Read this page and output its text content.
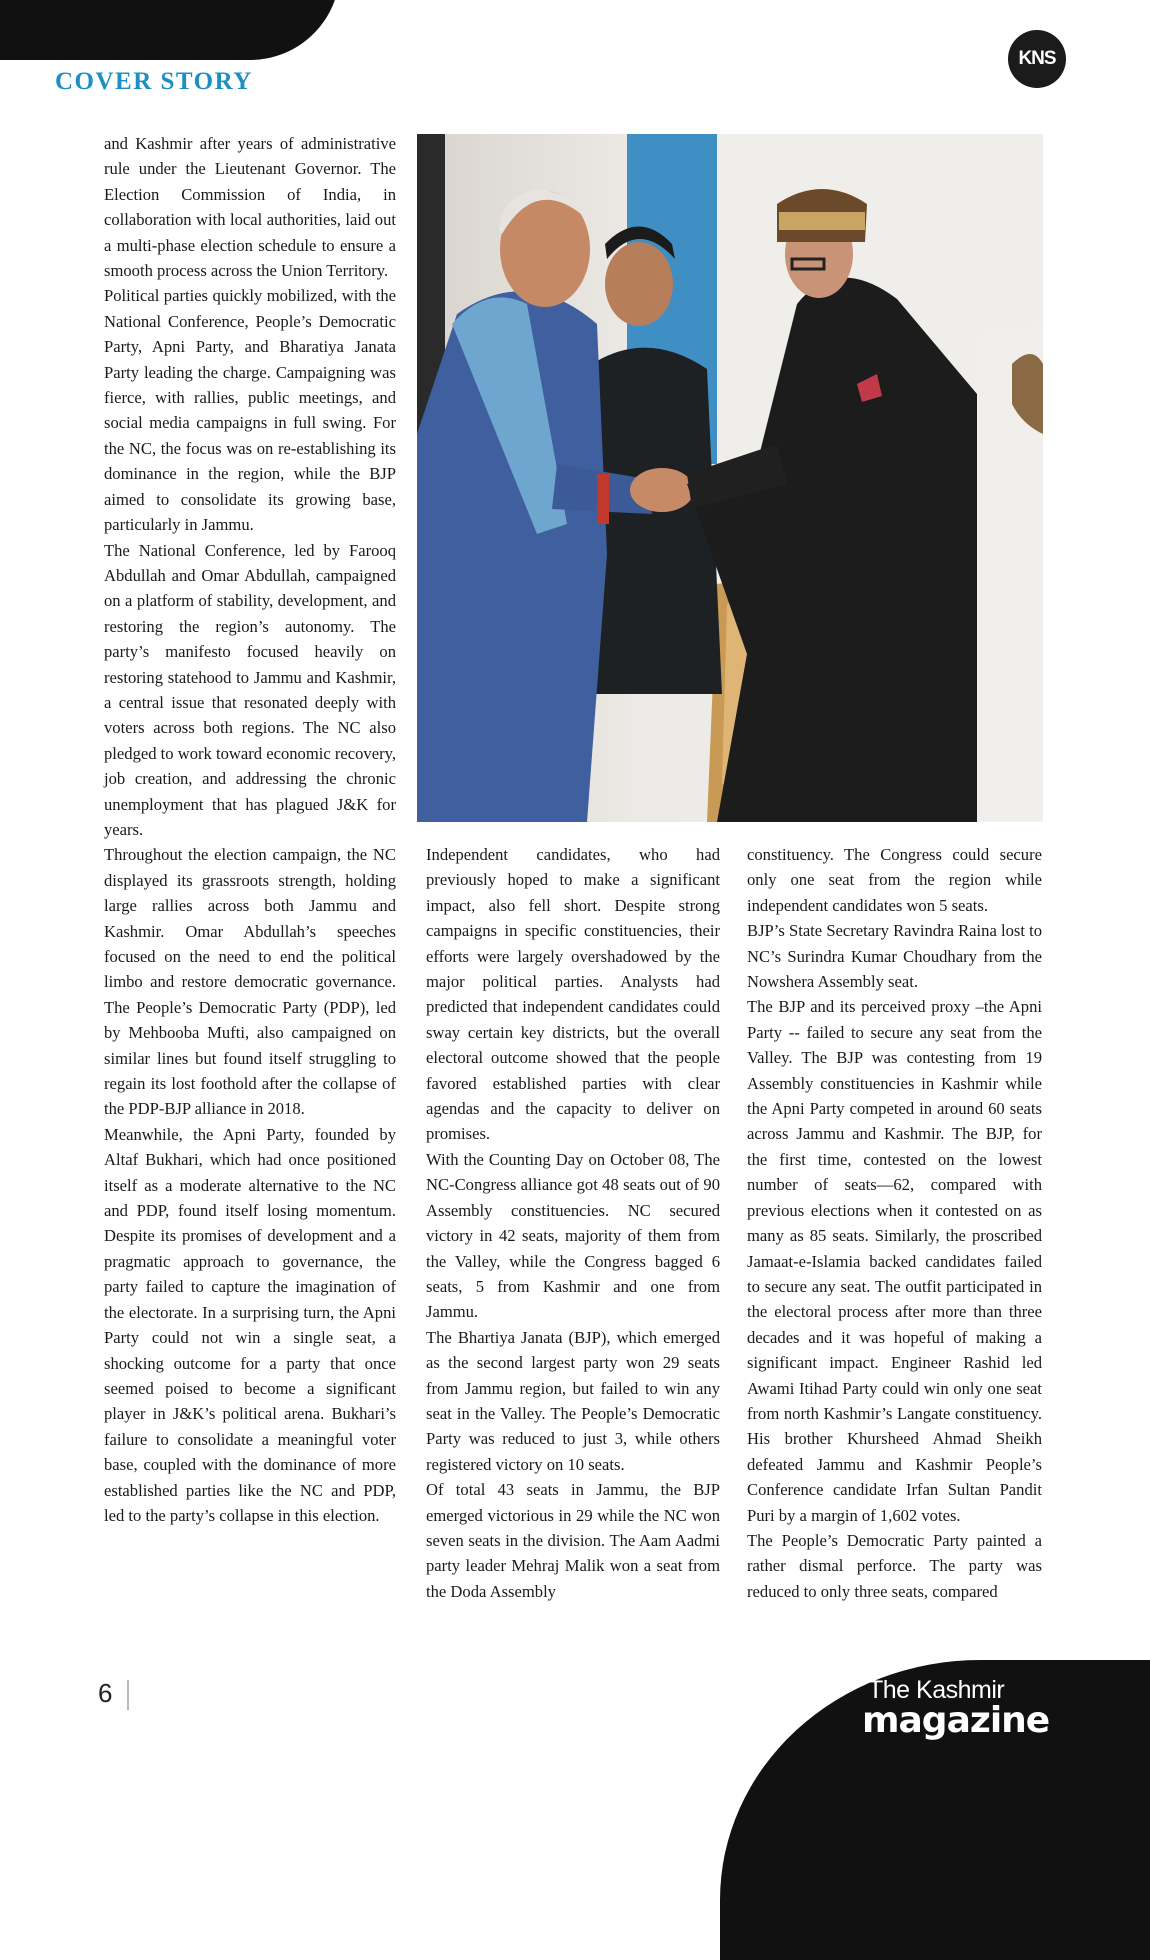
COVER STORY
KNS

and Kashmir after years of administrative rule under the Lieutenant Governor. The Election Commission of India, in collaboration with local authorities, laid out a multi-phase election schedule to ensure a smooth process across the Union Territory.

Political parties quickly mobilized, with the National Conference, People’s Democratic Party, Apni Party, and Bharatiya Janata Party leading the charge. Campaigning was fierce, with rallies, public meetings, and social media campaigns in full swing. For the NC, the focus was on re-establishing its dominance in the region, while the BJP aimed to consolidate its growing base, particularly in Jammu.

The National Conference, led by Farooq Abdullah and Omar Abdullah, campaigned on a platform of stability, development, and restoring the region’s autonomy. The party’s manifesto focused heavily on restoring statehood to Jammu and Kashmir, a central issue that resonated deeply with voters across both regions. The NC also pledged to work toward economic recovery, job creation, and addressing the chronic unemployment that has plagued J&K for years.

Throughout the election campaign, the NC displayed its grassroots strength, holding large rallies across both Jammu and Kashmir. Omar Abdullah’s speeches focused on the need to end the political limbo and restore democratic governance. The People’s Democratic Party (PDP), led by Mehbooba Mufti, also campaigned on similar lines but found itself struggling to regain its lost foothold after the collapse of the PDP-BJP alliance in 2018.

Meanwhile, the Apni Party, founded by Altaf Bukhari, which had once positioned itself as a moderate alternative to the NC and PDP, found itself losing momentum. Despite its promises of development and a pragmatic approach to governance, the party failed to capture the imagination of the electorate. In a surprising turn, the Apni Party could not win a single seat, a shocking outcome for a party that once seemed poised to become a significant player in J&K’s political arena. Bukhari’s failure to consolidate a meaningful voter base, coupled with the dominance of more established parties like the NC and PDP, led to the party’s collapse in this election.

Independent candidates, who had previously hoped to make a significant impact, also fell short. Despite strong campaigns in specific constituencies, their efforts were largely overshadowed by the major political parties. Analysts had predicted that independent candidates could sway certain key districts, but the overall electoral outcome showed that the people favored established parties with clear agendas and the capacity to deliver on promises.

With the Counting Day on October 08, The NC-Congress alliance got 48 seats out of 90 Assembly constituencies. NC secured victory in 42 seats, majority of them from the Valley, while the Congress bagged 6 seats, 5 from Kashmir and one from Jammu.

The Bhartiya Janata (BJP), which emerged as the second largest party won 29 seats from Jammu region, but failed to win any seat in the Valley. The People’s Democratic Party was reduced to just 3, while others registered victory on 10 seats.

Of total 43 seats in Jammu, the BJP emerged victorious in 29 while the NC won seven seats in the division. The Aam Aadmi party leader Mehraj Malik won a seat from the Doda Assembly

constituency. The Congress could secure only one seat from the region while independent candidates won 5 seats.

BJP’s State Secretary Ravindra Raina lost to NC’s Surindra Kumar Choudhary from the Nowshera Assembly seat.

The BJP and its perceived proxy –the Apni Party -- failed to secure any seat from the Valley. The BJP was contesting from 19 Assembly constituencies in Kashmir while the Apni Party competed in around 60 seats across Jammu and Kashmir. The BJP, for the first time, contested on the lowest number of seats—62, compared with previous elections when it contested on as many as 85 seats. Similarly, the proscribed Jamaat-e-Islamia backed candidates failed to secure any seat. The outfit participated in the electoral process after more than three decades and it was hopeful of making a significant impact. Engineer Rashid led Awami Itihad Party could win only one seat from north Kashmir’s Langate constituency. His brother Khursheed Ahmad Sheikh defeated Jammu and Kashmir People’s Conference candidate Irfan Sultan Pandit Puri by a margin of 1,602 votes.

The People’s Democratic Party painted a rather dismal perforce. The party was reduced to only three seats, compared

6	The Kashmir
magazine
